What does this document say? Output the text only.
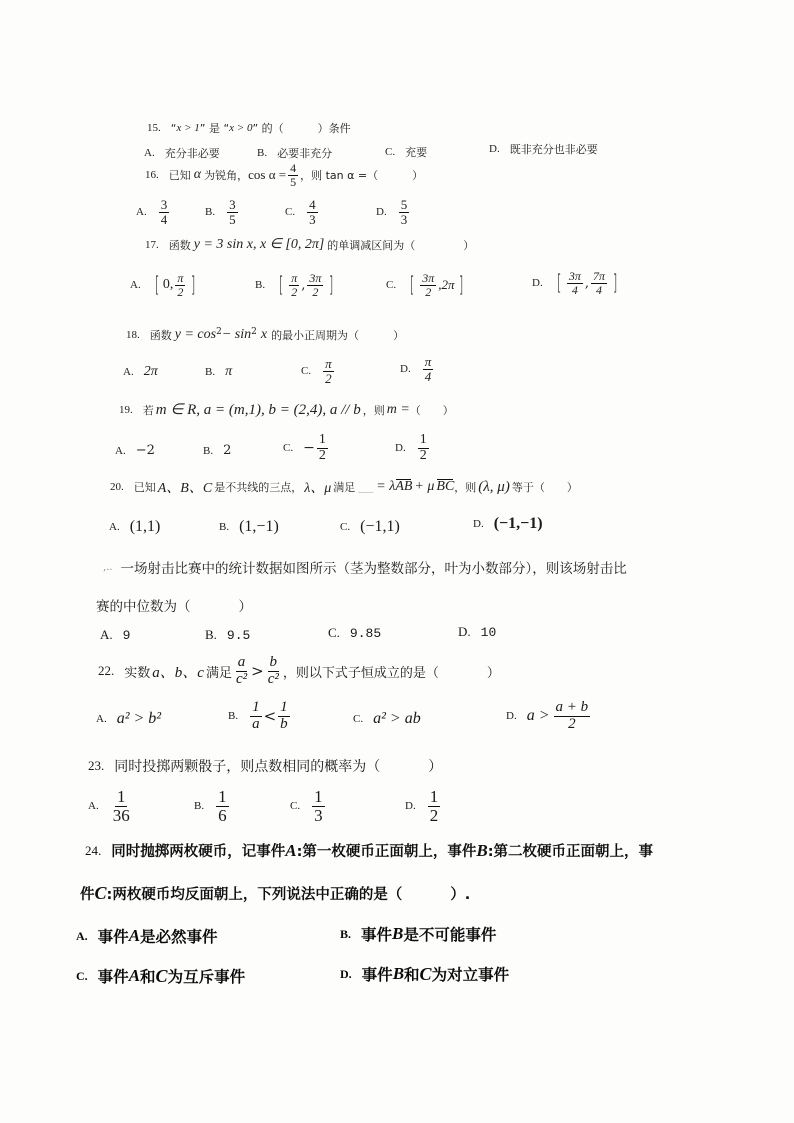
15. “ x > 1 ” 是 “ x > 0 ” 的（	）条件
A. 充分非必要	B. 必要非充分	C. 充要	D. 既非充分也非必要
16. 已知 α 为锐角， $\cos \alpha = \frac{4}{5}$ ，则 tan α =（	）
A. $\frac{3}{4}$	B. $\frac{3}{5}$	C. $\frac{4}{3}$	D. $\frac{5}{3}$
17. 函数 y = 3 sin x, x ∈ [0, 2π] 的单调减区间为（	）
A. [ 0, $\frac{\pi}{2}$ ]	B. [ $\frac{\pi}{2}$ , $\frac{3\pi}{2}$ ]	C. [ $\frac{3\pi}{2} ,2\pi$ ]	D. [ $\frac{3\pi}{4}$ , $\frac{7\pi}{4}$ ]
18. 函数 y = cos 2 − sin 2 x 的最小正周期为（	）
A. 2π	B. π	C. $\frac{\pi}{2}$	D. $\frac{\pi}{4}$
19. 若 m ∈ R, a = (m,1), b = (2,4), a // b ，则 m = （　　）
A. −2	B. 2	C. − $\frac{1}{2}$	D. $\frac{1}{2}$
20. 已知 A、B、C 是不共线的三点， λ、μ 满足 ___ = λ AB + μ BC ，则 (λ, μ) 等于（　　）
A. (1,1)	B. (1,−1)	C. (−1,1)	D. (−1,−1)
‚.. 一场射击比赛中的统计数据如图所示（茎为整数部分，叶为小数部分），则该场射击比
赛的中位数为（	）
A. 9	B. 9.5	C. 9.85	D. 10
22. 实数 a、b、c 满足 $\frac{a}{\text{c²}} > \frac{b}{\text{c²}}$ ，则以下式子恒成立的是（	）
A. a² > b²	B. $\frac{1}{a} < \frac{1}{b}$	C. a² > ab	D. $a > \frac{a + b}{2}$
23. 同时投掷两颗骰子，则点数相同的概率为（	）
A. $\frac{1}{36}$	B. $\frac{1}{6}$	C. $\frac{1}{3}$	D. $\frac{1}{2}$
24. 同时抛掷两枚硬币，记事件 A :第一枚硬币正面朝上，事件 B :第二枚硬币正面朝上，事
件 C :两枚硬币均反面朝上，下列说法中正确的是（	）.
A. 事件 A 是必然事件	B. 事件 B 是不可能事件
C. 事件 A 和 C 为互斥事件	D. 事件 B 和 C 为对立事件
